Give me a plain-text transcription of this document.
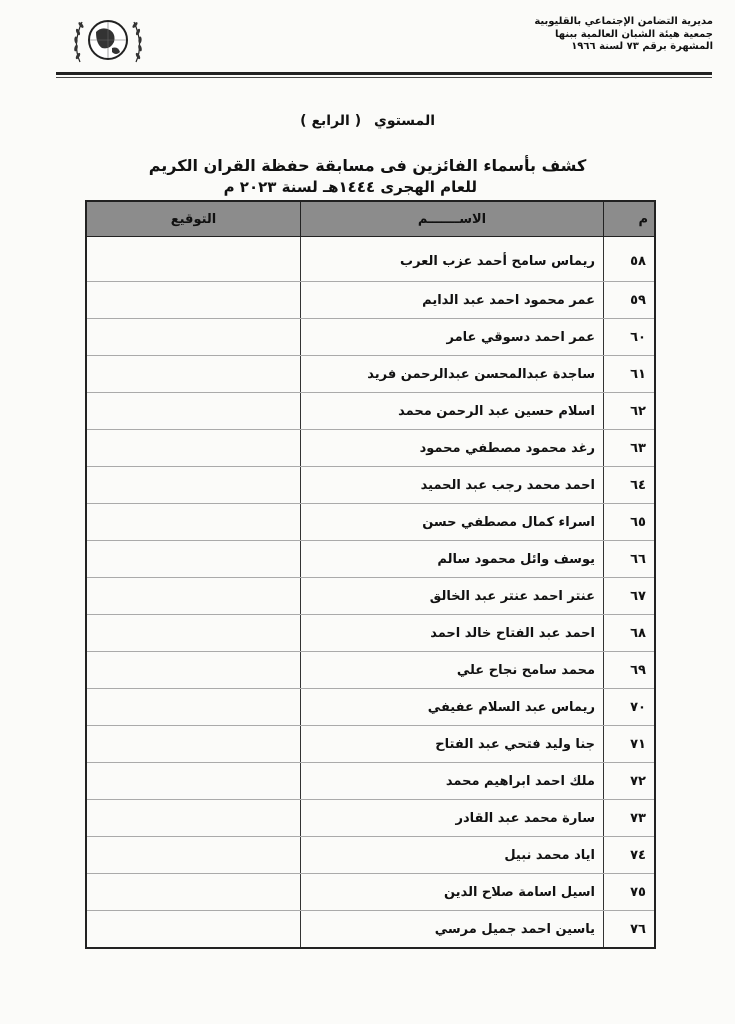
مديرية التضامن الإجتماعي بالقليوبية
جمعية هيئة الشبان العالمية ببنها
المشهرة برقم ٧٣ لسنة ١٩٦٦
المستوي ( الرابع )
كشف بأسماء الفائزين فى مسابقة حفظة القران الكريم
للعام الهجرى ١٤٤٤هـ لسنة ٢٠٢٣ م
م	الاســـــــم	التوقيع
٥٨	ريماس سامح أحمد عزب العرب	
٥٩	عمر محمود احمد عبد الدايم	
٦٠	عمر احمد دسوقي عامر	
٦١	ساجدة عبدالمحسن عبدالرحمن فريد	
٦٢	اسلام حسين عبد الرحمن محمد	
٦٣	رغد محمود مصطفي محمود	
٦٤	احمد محمد رجب عبد الحميد	
٦٥	اسراء كمال مصطفي حسن	
٦٦	يوسف وائل محمود سالم	
٦٧	عنتر احمد عنتر عبد الخالق	
٦٨	احمد عبد الفتاح خالد احمد	
٦٩	محمد سامح نجاح علي	
٧٠	ريماس عبد السلام عفيفي	
٧١	جنا وليد فتحي عبد الفتاح	
٧٢	ملك احمد ابراهيم محمد	
٧٣	سارة محمد عبد القادر	
٧٤	اياد محمد نبيل	
٧٥	اسيل اسامة صلاح الدين	
٧٦	ياسين احمد جميل مرسي	
